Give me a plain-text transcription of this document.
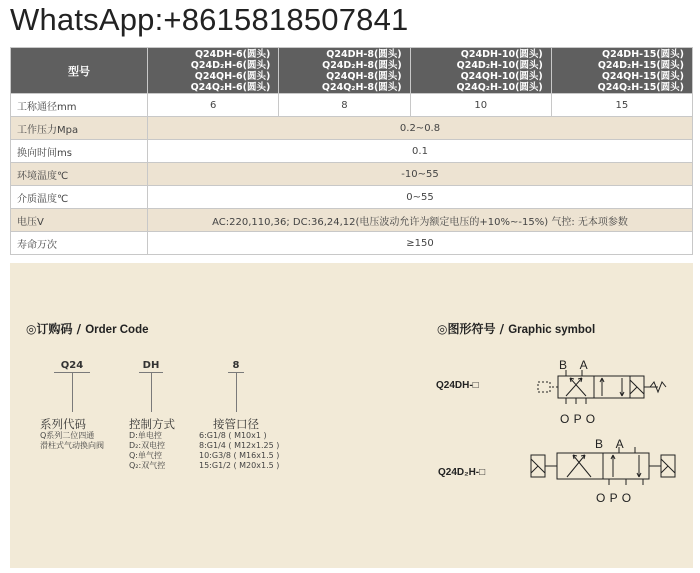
WhatsApp:+8615818507841
型号	Q24DH-6(圆头)
Q24D₂H-6(圆头)
Q24QH-6(圆头)
Q24Q₂H-6(圆头)	Q24DH-8(圆头)
Q24D₂H-8(圆头)
Q24QH-8(圆头)
Q24Q₂H-8(圆头)	Q24DH-10(圆头)
Q24D₂H-10(圆头)
Q24QH-10(圆头)
Q24Q₂H-10(圆头)	Q24DH-15(圆头)
Q24D₂H-15(圆头)
Q24QH-15(圆头)
Q24Q₂H-15(圆头)

工称通径mm	6	8	10	15
工作压力Mpa	0.2~0.8			
换向时间ms	0.1			
环境温度℃	-10~55			
介质温度℃	0~55			
电压V	AC:220,110,36; DC:36,24,12(电压波动允许为额定电压的+10%~-15%) 气控: 无本项参数			
寿命万次	≥150			
◎订购码 / Order Code
Q24	DH	8
系列代码
Q系列二位四通
滑柱式气动换向阀
控制方式
D:单电控
D₂:双电控
Q:单气控
Q₂:双气控
接管口径
6:G1/8 ( M10x1 )
8:G1/4 ( M12x1.25 )
10:G3/8 ( M16x1.5 )
15:G1/2 ( M20x1.5 )
◎图形符号 / Graphic symbol
Q24DH-□
B A
O P O
Q24D₂H-□
B A
O P O
